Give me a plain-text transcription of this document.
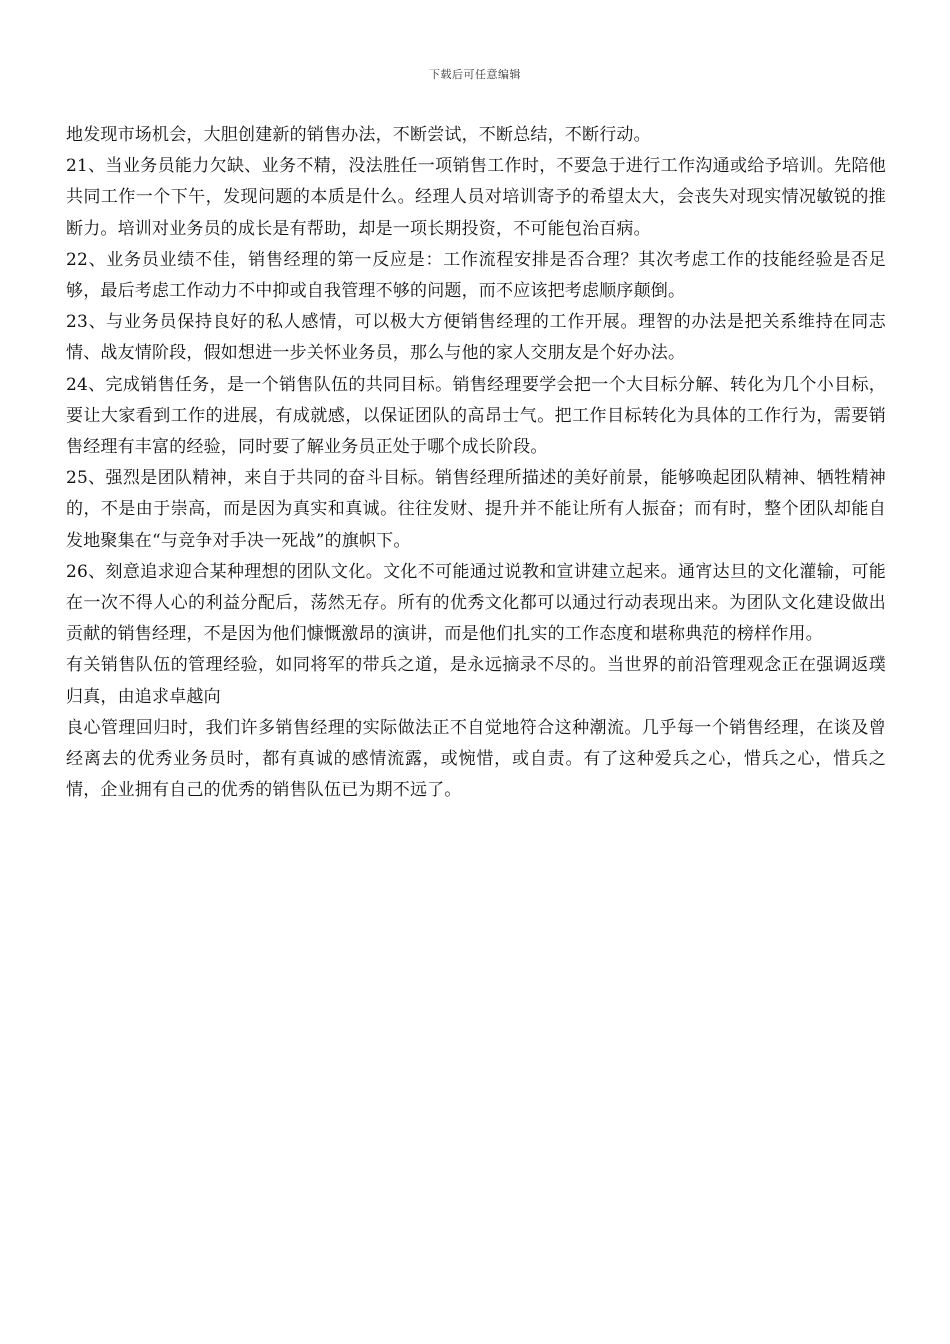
下载后可任意编辑

地发现市场机会，大胆创建新的销售办法，不断尝试，不断总结，不断行动。

21、当业务员能力欠缺、业务不精，没法胜任一项销售工作时，不要急于进行工作沟通或给予培训。先陪他共同工作一个下午，发现问题的本质是什么。经理人员对培训寄予的希望太大，会丧失对现实情况敏锐的推断力。培训对业务员的成长是有帮助，却是一项长期投资，不可能包治百病。

22、业务员业绩不佳，销售经理的第一反应是：工作流程安排是否合理？其次考虑工作的技能经验是否足够，最后考虑工作动力不中抑或自我管理不够的问题，而不应该把考虑顺序颠倒。

23、与业务员保持良好的私人感情，可以极大方便销售经理的工作开展。理智的办法是把关系维持在同志情、战友情阶段，假如想进一步关怀业务员，那么与他的家人交朋友是个好办法。

24、完成销售任务，是一个销售队伍的共同目标。销售经理要学会把一个大目标分解、转化为几个小目标，要让大家看到工作的进展，有成就感，以保证团队的高昂士气。把工作目标转化为具体的工作行为，需要销售经理有丰富的经验，同时要了解业务员正处于哪个成长阶段。

25、强烈是团队精神，来自于共同的奋斗目标。销售经理所描述的美好前景，能够唤起团队精神、牺牲精神的，不是由于崇高，而是因为真实和真诚。往往发财、提升并不能让所有人振奋；而有时，整个团队却能自发地聚集在“与竞争对手决一死战”的旗帜下。

26、刻意追求迎合某种理想的团队文化。文化不可能通过说教和宣讲建立起来。通宵达旦的文化灌输，可能在一次不得人心的利益分配后，荡然无存。所有的优秀文化都可以通过行动表现出来。为团队文化建设做出贡献的销售经理，不是因为他们慷慨激昂的演讲，而是他们扎实的工作态度和堪称典范的榜样作用。

有关销售队伍的管理经验，如同将军的带兵之道，是永远摘录不尽的。当世界的前沿管理观念正在强调返璞归真，由追求卓越向

良心管理回归时，我们许多销售经理的实际做法正不自觉地符合这种潮流。几乎每一个销售经理，在谈及曾经离去的优秀业务员时，都有真诚的感情流露，或惋惜，或自责。有了这种爱兵之心，惜兵之心，惜兵之情，企业拥有自己的优秀的销售队伍已为期不远了。
